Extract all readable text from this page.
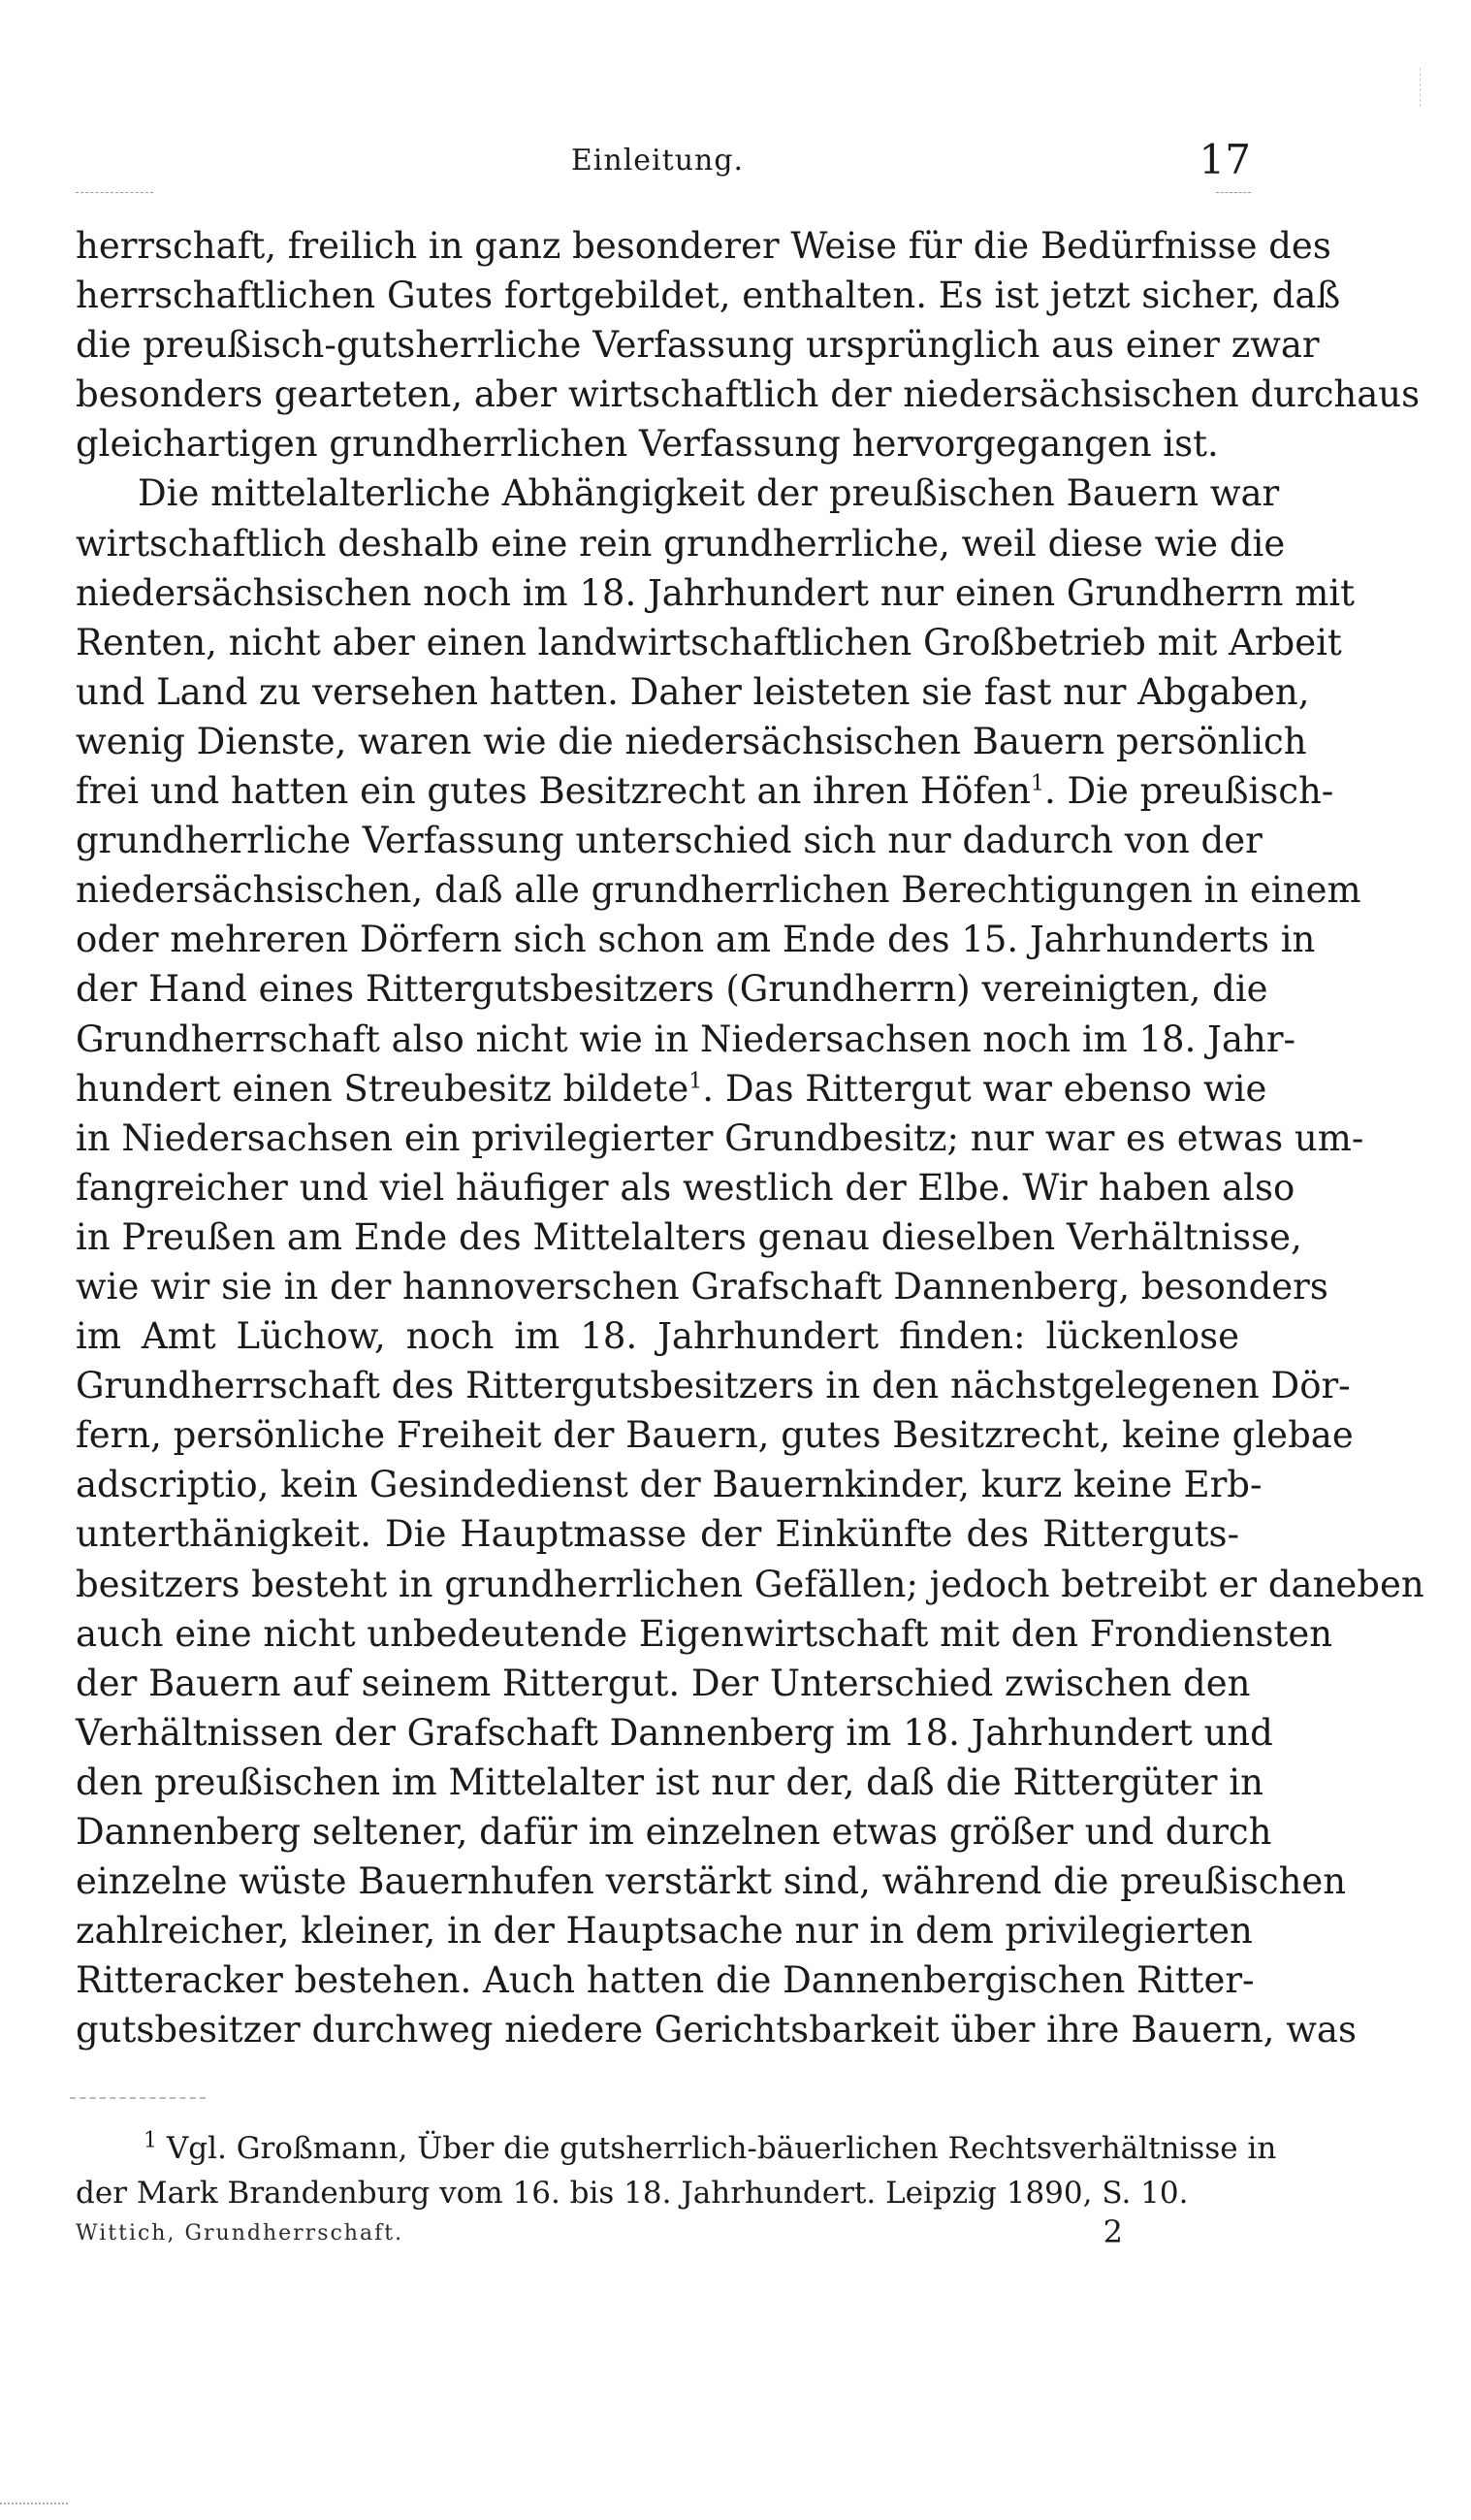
Einleitung.	17
herrschaft, freilich in ganz besonderer Weise für die Bedürfnisse des
herrschaftlichen Gutes fortgebildet, enthalten. Es ist jetzt sicher, daß
die preußisch-gutsherrliche Verfassung ursprünglich aus einer zwar
besonders gearteten, aber wirtschaftlich der niedersächsischen durchaus
gleichartigen grundherrlichen Verfassung hervorgegangen ist.
Die mittelalterliche Abhängigkeit der preußischen Bauern war
wirtschaftlich deshalb eine rein grundherrliche, weil diese wie die
niedersächsischen noch im 18. Jahrhundert nur einen Grundherrn mit
Renten, nicht aber einen landwirtschaftlichen Großbetrieb mit Arbeit
und Land zu versehen hatten. Daher leisteten sie fast nur Abgaben,
wenig Dienste, waren wie die niedersächsischen Bauern persönlich
frei und hatten ein gutes Besitzrecht an ihren Höfen$^1$. Die preußisch-
grundherrliche Verfassung unterschied sich nur dadurch von der
niedersächsischen, daß alle grundherrlichen Berechtigungen in einem
oder mehreren Dörfern sich schon am Ende des 15. Jahrhunderts in
der Hand eines Rittergutsbesitzers (Grundherrn) vereinigten, die
Grundherrschaft also nicht wie in Niedersachsen noch im 18. Jahr-
hundert einen Streubesitz bildete$^1$. Das Rittergut war ebenso wie
in Niedersachsen ein privilegierter Grundbesitz; nur war es etwas um-
fangreicher und viel häufiger als westlich der Elbe. Wir haben also
in Preußen am Ende des Mittelalters genau dieselben Verhältnisse,
wie wir sie in der hannoverschen Grafschaft Dannenberg, besonders
im Amt Lüchow, noch im 18. Jahrhundert finden: lückenlose
Grundherrschaft des Rittergutsbesitzers in den nächstgelegenen Dör-
fern, persönliche Freiheit der Bauern, gutes Besitzrecht, keine glebae
adscriptio, kein Gesindedienst der Bauernkinder, kurz keine Erb-
unterthänigkeit. Die Hauptmasse der Einkünfte des Ritterguts-
besitzers besteht in grundherrlichen Gefällen; jedoch betreibt er daneben
auch eine nicht unbedeutende Eigenwirtschaft mit den Frondiensten
der Bauern auf seinem Rittergut. Der Unterschied zwischen den
Verhältnissen der Grafschaft Dannenberg im 18. Jahrhundert und
den preußischen im Mittelalter ist nur der, daß die Rittergüter in
Dannenberg seltener, dafür im einzelnen etwas größer und durch
einzelne wüste Bauernhufen verstärkt sind, während die preußischen
zahlreicher, kleiner, in der Hauptsache nur in dem privilegierten
Ritteracker bestehen. Auch hatten die Dannenbergischen Ritter-
gutsbesitzer durchweg niedere Gerichtsbarkeit über ihre Bauern, was
$^1$ Vgl. Großmann, Über die gutsherrlich-bäuerlichen Rechtsverhältnisse in
der Mark Brandenburg vom 16. bis 18. Jahrhundert. Leipzig 1890, S. 10.
Wittich, Grundherrschaft.	2
